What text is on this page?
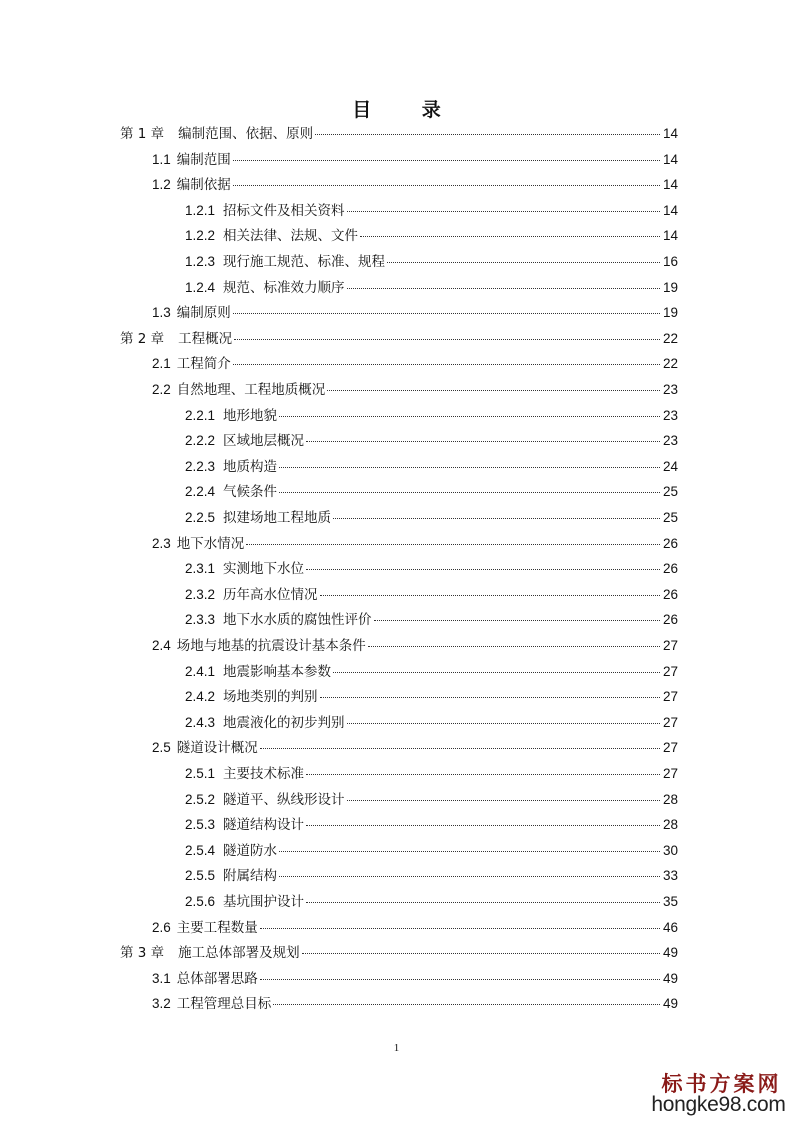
目 录
第 1 章 编制范围、依据、原则	14
1.1 编制范围	14
1.2 编制依据	14
1.2.1 招标文件及相关资料	14
1.2.2 相关法律、法规、文件	14
1.2.3 现行施工规范、标准、规程	16
1.2.4 规范、标准效力顺序	19
1.3 编制原则	19
第 2 章 工程概况	22
2.1 工程简介	22
2.2 自然地理、工程地质概况	23
2.2.1 地形地貌	23
2.2.2 区域地层概况	23
2.2.3 地质构造	24
2.2.4 气候条件	25
2.2.5 拟建场地工程地质	25
2.3 地下水情况	26
2.3.1 实测地下水位	26
2.3.2 历年高水位情况	26
2.3.3 地下水水质的腐蚀性评价	26
2.4 场地与地基的抗震设计基本条件	27
2.4.1 地震影响基本参数	27
2.4.2 场地类别的判别	27
2.4.3 地震液化的初步判别	27
2.5 隧道设计概况	27
2.5.1 主要技术标准	27
2.5.2 隧道平、纵线形设计	28
2.5.3 隧道结构设计	28
2.5.4 隧道防水	30
2.5.5 附属结构	33
2.5.6 基坑围护设计	35
2.6 主要工程数量	46
第 3 章 施工总体部署及规划	49
3.1 总体部署思路	49
3.2 工程管理总目标	49
1
标书方案网
hongke98.com
